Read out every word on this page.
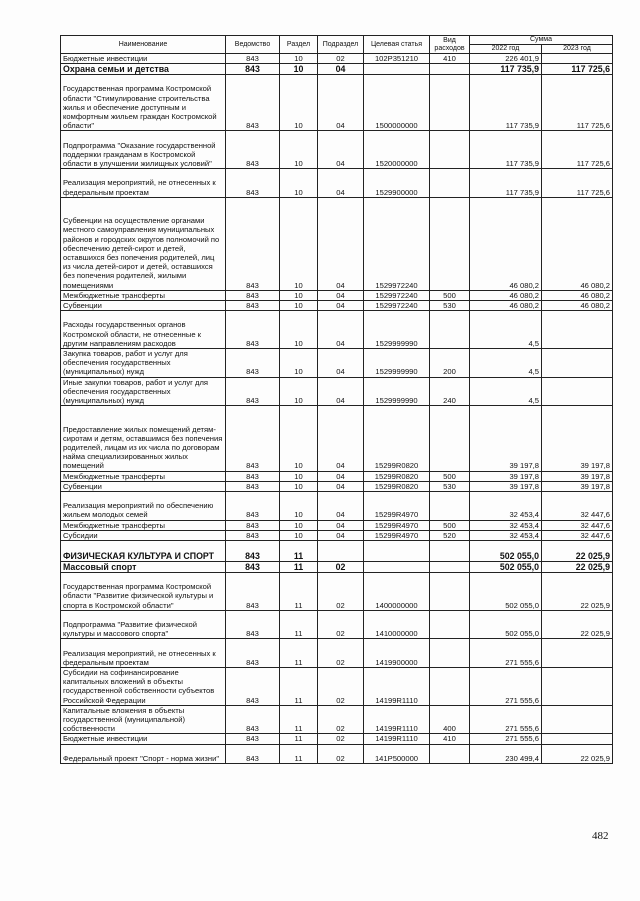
Наименование	Ведомство	Раздел	Подраздел	Целевая статья	Вид расходов	Сумма	
						2022 год	2023 год
Бюджетные инвестиции	843	10	02	102P351210	410	226 401,9	
Охрана семьи и детства	843	10	04			117 735,9	117 725,6
Государственная программа Костромской области "Стимулирование строительства жилья и обеспечение доступным и комфортным жильем граждан Костромской области"	843	10	04	1500000000		117 735,9	117 725,6
Подпрограмма "Оказание государственной поддержки гражданам в Костромской области в улучшении жилищных условий"	843	10	04	1520000000		117 735,9	117 725,6
Реализация мероприятий, не отнесенных к федеральным проектам	843	10	04	1529900000		117 735,9	117 725,6
Субвенции на осуществление органами местного самоуправления муниципальных районов и городских округов полномочий по обеспечению детей-сирот и детей, оставшихся без попечения родителей, лиц из числа детей-сирот и детей, оставшихся без попечения родителей, жилыми помещениями	843	10	04	1529972240		46 080,2	46 080,2
Межбюджетные трансферты	843	10	04	1529972240	500	46 080,2	46 080,2
Субвенции	843	10	04	1529972240	530	46 080,2	46 080,2
Расходы государственных органов Костромской области, не отнесенные к другим направлениям расходов	843	10	04	1529999990		4,5	
Закупка товаров, работ и услуг для обеспечения государственных (муниципальных) нужд	843	10	04	1529999990	200	4,5	
Иные закупки товаров, работ и услуг для обеспечения государственных (муниципальных) нужд	843	10	04	1529999990	240	4,5	
Предоставление жилых помещений детям-сиротам и детям, оставшимся без попечения родителей, лицам из их числа по договорам найма специализированных жилых помещений	843	10	04	15299R0820		39 197,8	39 197,8
Межбюджетные трансферты	843	10	04	15299R0820	500	39 197,8	39 197,8
Субвенции	843	10	04	15299R0820	530	39 197,8	39 197,8
Реализация мероприятий по обеспечению жильем молодых семей	843	10	04	15299R4970		32 453,4	32 447,6
Межбюджетные трансферты	843	10	04	15299R4970	500	32 453,4	32 447,6
Субсидии	843	10	04	15299R4970	520	32 453,4	32 447,6
ФИЗИЧЕСКАЯ КУЛЬТУРА И СПОРТ	843	11				502 055,0	22 025,9
Массовый спорт	843	11	02			502 055,0	22 025,9
Государственная программа Костромской области "Развитие физической культуры и спорта в Костромской области"	843	11	02	1400000000		502 055,0	22 025,9
Подпрограмма "Развитие физической культуры и массового спорта"	843	11	02	1410000000		502 055,0	22 025,9
Реализация мероприятий, не отнесенных к федеральным проектам	843	11	02	1419900000		271 555,6	
Субсидии на софинансирование капитальных вложений в объекты государственной собственности субъектов Российской Федерации	843	11	02	14199R1110		271 555,6	
Капитальные вложения в объекты государственной (муниципальной) собственности	843	11	02	14199R1110	400	271 555,6	
Бюджетные инвестиции	843	11	02	14199R1110	410	271 555,6	
Федеральный проект "Спорт - норма жизни"	843	11	02	141P500000		230 499,4	22 025,9
482
